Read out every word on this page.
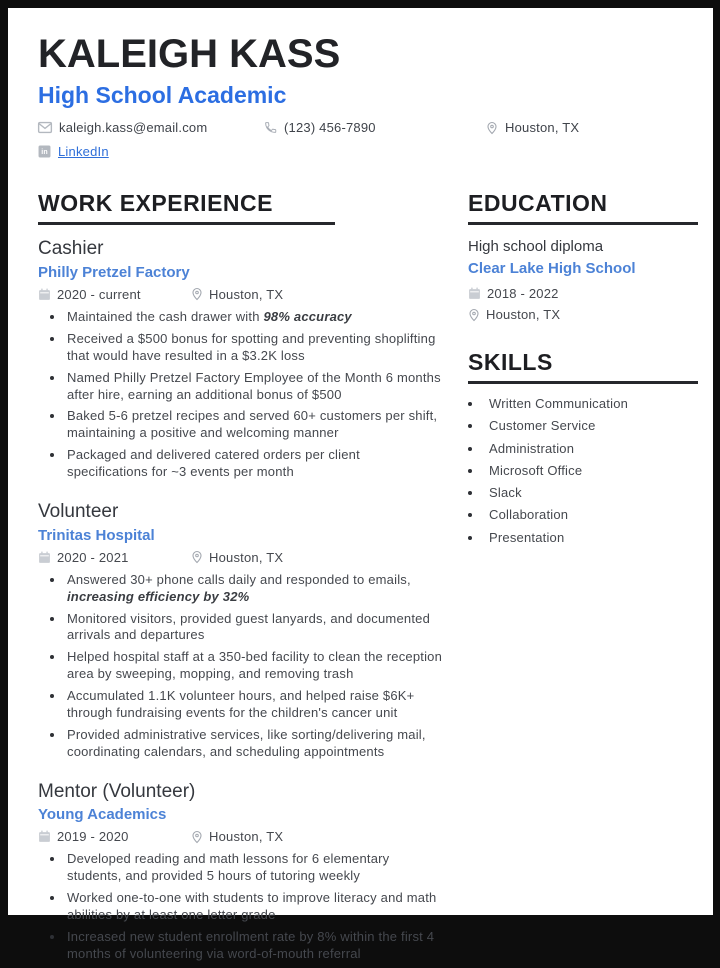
KALEIGH KASS
High School Academic
kaleigh.kass@email.com	(123) 456-7890	Houston, TX
in LinkedIn
WORK EXPERIENCE
Cashier
Philly Pretzel Factory
2020 - current	Houston, TX
• Maintained the cash drawer with 98% accuracy
• Received a $500 bonus for spotting and preventing shoplifting that would have resulted in a $3.2K loss
• Named Philly Pretzel Factory Employee of the Month 6 months after hire, earning an additional bonus of $500
• Baked 5-6 pretzel recipes and served 60+ customers per shift, maintaining a positive and welcoming manner
• Packaged and delivered catered orders per client specifications for ~3 events per month
Volunteer
Trinitas Hospital
2020 - 2021	Houston, TX
• Answered 30+ phone calls daily and responded to emails, increasing efficiency by 32%
• Monitored visitors, provided guest lanyards, and documented arrivals and departures
• Helped hospital staff at a 350-bed facility to clean the reception area by sweeping, mopping, and removing trash
• Accumulated 1.1K volunteer hours, and helped raise $6K+ through fundraising events for the children's cancer unit
• Provided administrative services, like sorting/delivering mail, coordinating calendars, and scheduling appointments
Mentor (Volunteer)
Young Academics
2019 - 2020	Houston, TX
• Developed reading and math lessons for 6 elementary students, and provided 5 hours of tutoring weekly
• Worked one-to-one with students to improve literacy and math abilities by at least one letter grade
• Increased new student enrollment rate by 8% within the first 4 months of volunteering via word-of-mouth referral
EDUCATION
High school diploma
Clear Lake High School
2018 - 2022
Houston, TX
SKILLS
• Written Communication
• Customer Service
• Administration
• Microsoft Office
• Slack
• Collaboration
• Presentation
